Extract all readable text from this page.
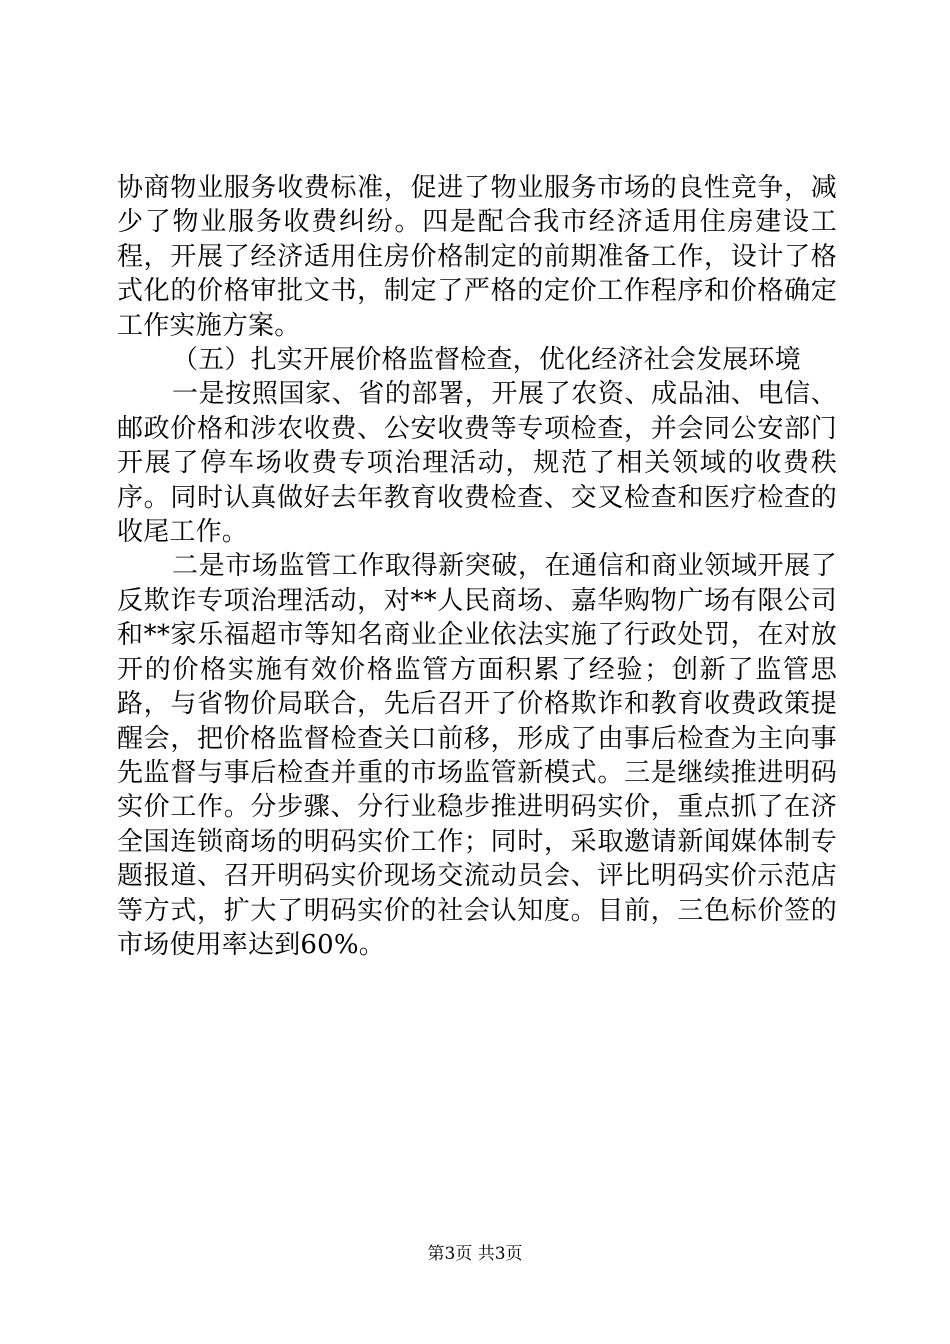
协商物业服务收费标准，促进了物业服务市场的良性竞争，减少了物业服务收费纠纷。四是配合我市经济适用住房建设工程，开展了经济适用住房价格制定的前期准备工作，设计了格式化的价格审批文书，制定了严格的定价工作程序和价格确定工作实施方案。

（五）扎实开展价格监督检查，优化经济社会发展环境

一是按照国家、省的部署，开展了农资、成品油、电信、邮政价格和涉农收费、公安收费等专项检查，并会同公安部门开展了停车场收费专项治理活动，规范了相关领域的收费秩序。同时认真做好去年教育收费检查、交叉检查和医疗检查的收尾工作。

二是市场监管工作取得新突破，在通信和商业领域开展了反欺诈专项治理活动，对**人民商场、嘉华购物广场有限公司和**家乐福超市等知名商业企业依法实施了行政处罚，在对放开的价格实施有效价格监管方面积累了经验；创新了监管思路，与省物价局联合，先后召开了价格欺诈和教育收费政策提醒会，把价格监督检查关口前移，形成了由事后检查为主向事先监督与事后检查并重的市场监管新模式。三是继续推进明码实价工作。分步骤、分行业稳步推进明码实价，重点抓了在济全国连锁商场的明码实价工作；同时，采取邀请新闻媒体制专题报道、召开明码实价现场交流动员会、评比明码实价示范店等方式，扩大了明码实价的社会认知度。目前，三色标价签的市场使用率达到60%。

第3页 共3页
